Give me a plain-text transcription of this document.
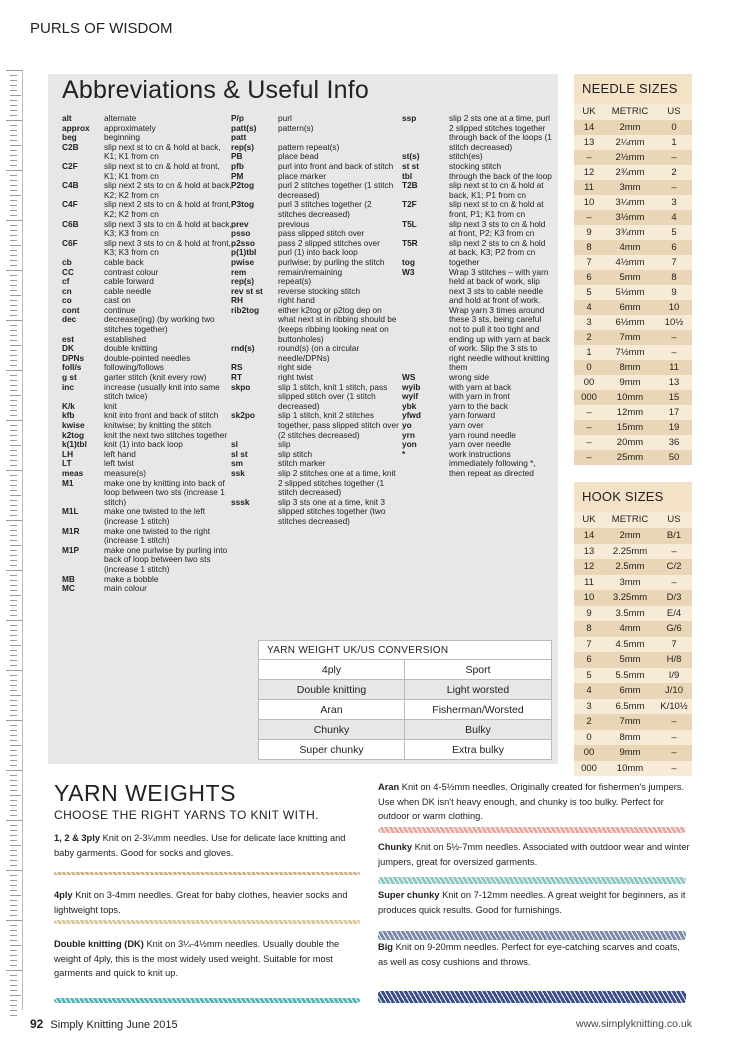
PURLS OF WISDOM
Abbreviations & Useful Info
alt	alternate
approx	approximately
beg	beginning
C2B	slip next st to cn & hold at back, K1; K1 from cn
C2F	slip next st to cn & hold at front, K1; K1 from cn
C4B	slip next 2 sts to cn & hold at back, K2; K2 from cn
C4F	slip next 2 sts to cn & hold at front, K2; K2 from cn
C6B	slip next 3 sts to cn & hold at back, K3; K3 from cn
C6F	slip next 3 sts to cn & hold at front, K3; K3 from cn
cb	cable back
CC	contrast colour
cf	cable forward
cn	cable needle
co	cast on
cont	continue
dec	decrease(ing) (by working two stitches together)
est	established
DK	double knitting
DPNs	double-pointed needles
foll/s	following/follows
g st	garter stitch (knit every row)
inc	increase (usually knit into same stitch twice)
K/k	knit
kfb	knit into front and back of stitch
kwise	knitwise; by knitting the stitch
k2tog	knit the next two stitches together
k(1)tbl	knit (1) into back loop
LH	left hand
LT	left twist
meas	measure(s)
M1	make one by knitting into back of loop between two sts (increase 1 stitch)
M1L	make one twisted to the left (increase 1 stitch)
M1R	make one twisted to the right (increase 1 stitch)
M1P	make one purlwise by purling into back of loop between two sts (increase 1 stitch)
MB	make a bobble
MC	main colour
P/p	purl
patt(s)	pattern(s)
patt
rep(s)	pattern repeat(s)
PB	place bead
pfb	purl into front and back of stitch
PM	place marker
P2tog	purl 2 stitches together (1 stitch decreased)
P3tog	purl 3 stitches together (2 stitches decreased)
prev	previous
psso	pass slipped stitch over
p2sso	pass 2 slipped stitches over
p(1)tbl	purl (1) into back loop
pwise	purlwise; by purling the stitch
rem	remain/remaining
rep(s)	repeat(s)
rev st st	reverse stocking stitch
RH	right hand
rib2tog	either k2tog or p2tog dep on what next st in ribbing should be (keeps ribbing looking neat on buttonholes)
rnd(s)	round(s) (on a circular needle/DPNs)
RS	right side
RT	right twist
skpo	slip 1 stitch, knit 1 stitch, pass slipped stitch over (1 stitch decreased)
sk2po	slip 1 stitch, knit 2 stitches together, pass slipped stitch over (2 stitches decreased)
sl	slip
sl st	slip stitch
sm	stitch marker
ssk	slip 2 stitches one at a time, knit 2 slipped stitches together (1 stitch decreased)
sssk	slip 3 sts one at a time, knit 3 slipped stitches together (two stitches decreased)
ssp	slip 2 sts one at a time, purl 2 slipped stitches together through back of the loops (1 stitch decreased)
st(s)	stitch(es)
st st	stocking stitch
tbl	through the back of the loop
T2B	slip next st to cn & hold at back, K1; P1 from cn
T2F	slip next st to cn & hold at front, P1; K1 from cn
T5L	slip next 3 sts to cn & hold at front, P2; K3 from cn
T5R	slip next 2 sts to cn & hold at back, K3; P2 from cn
tog	together
W3	Wrap 3 stitches – with yarn held at back of work, slip next 3 sts to cable needle and hold at front of work. Wrap yarn 3 times around these 3 sts, being careful not to pull it too tight and ending up with yarn at back of work. Slip the 3 sts to right needle without knitting them
WS	wrong side
wyib	with yarn at back
wyif	with yarn in front
ybk	yarn to the back
yfwd	yarn forward
yo	yarn over
yrn	yarn round needle
yon	yarn over needle
*	work instructions immediately following *, then repeat as directed
YARN WEIGHT UK/US CONVERSION
4ply	Sport
Double knitting	Light worsted
Aran	Fisherman/Worsted
Chunky	Bulky
Super chunky	Extra bulky
NEEDLE SIZES
UK	METRIC	US
14	2mm	0
13	2¼mm	1
–	2½mm	–
12	2¾mm	2
11	3mm	–
10	3¼mm	3
–	3½mm	4
9	3¾mm	5
8	4mm	6
7	4½mm	7
6	5mm	8
5	5½mm	9
4	6mm	10
3	6½mm	10½
2	7mm	–
1	7½mm	–
0	8mm	11
00	9mm	13
000	10mm	15
–	12mm	17
–	15mm	19
–	20mm	36
–	25mm	50
HOOK SIZES
UK	METRIC	US
14	2mm	B/1
13	2.25mm	–
12	2.5mm	C/2
11	3mm	–
10	3.25mm	D/3
9	3.5mm	E/4
8	4mm	G/6
7	4.5mm	7
6	5mm	H/8
5	5.5mm	I/9
4	6mm	J/10
3	6.5mm	K/10½
2	7mm	–
0	8mm	–
00	9mm	–
000	10mm	–
YARN WEIGHTS
CHOOSE THE RIGHT YARNS TO KNIT WITH.
1, 2 & 3ply Knit on 2-3¼mm needles. Use for delicate lace knitting and baby garments. Good for socks and gloves.
4ply Knit on 3-4mm needles. Great for baby clothes, heavier socks and lightweight tops.
Double knitting (DK) Knit on 3¼-4½mm needles. Usually double the weight of 4ply, this is the most widely used weight. Suitable for most garments and quick to knit up.
Aran Knit on 4-5½mm needles. Originally created for fishermen's jumpers. Use when DK isn't heavy enough, and chunky is too bulky. Perfect for outdoor or warm clothing.
Chunky Knit on 5½-7mm needles. Associated with outdoor wear and winter jumpers, great for oversized garments.
Super chunky Knit on 7-12mm needles. A great weight for beginners, as it produces quick results. Good for furnishings.
Big Knit on 9-20mm needles. Perfect for eye-catching scarves and coats, as well as cosy cushions and throws.
92 Simply Knitting June 2015	www.simplyknitting.co.uk
